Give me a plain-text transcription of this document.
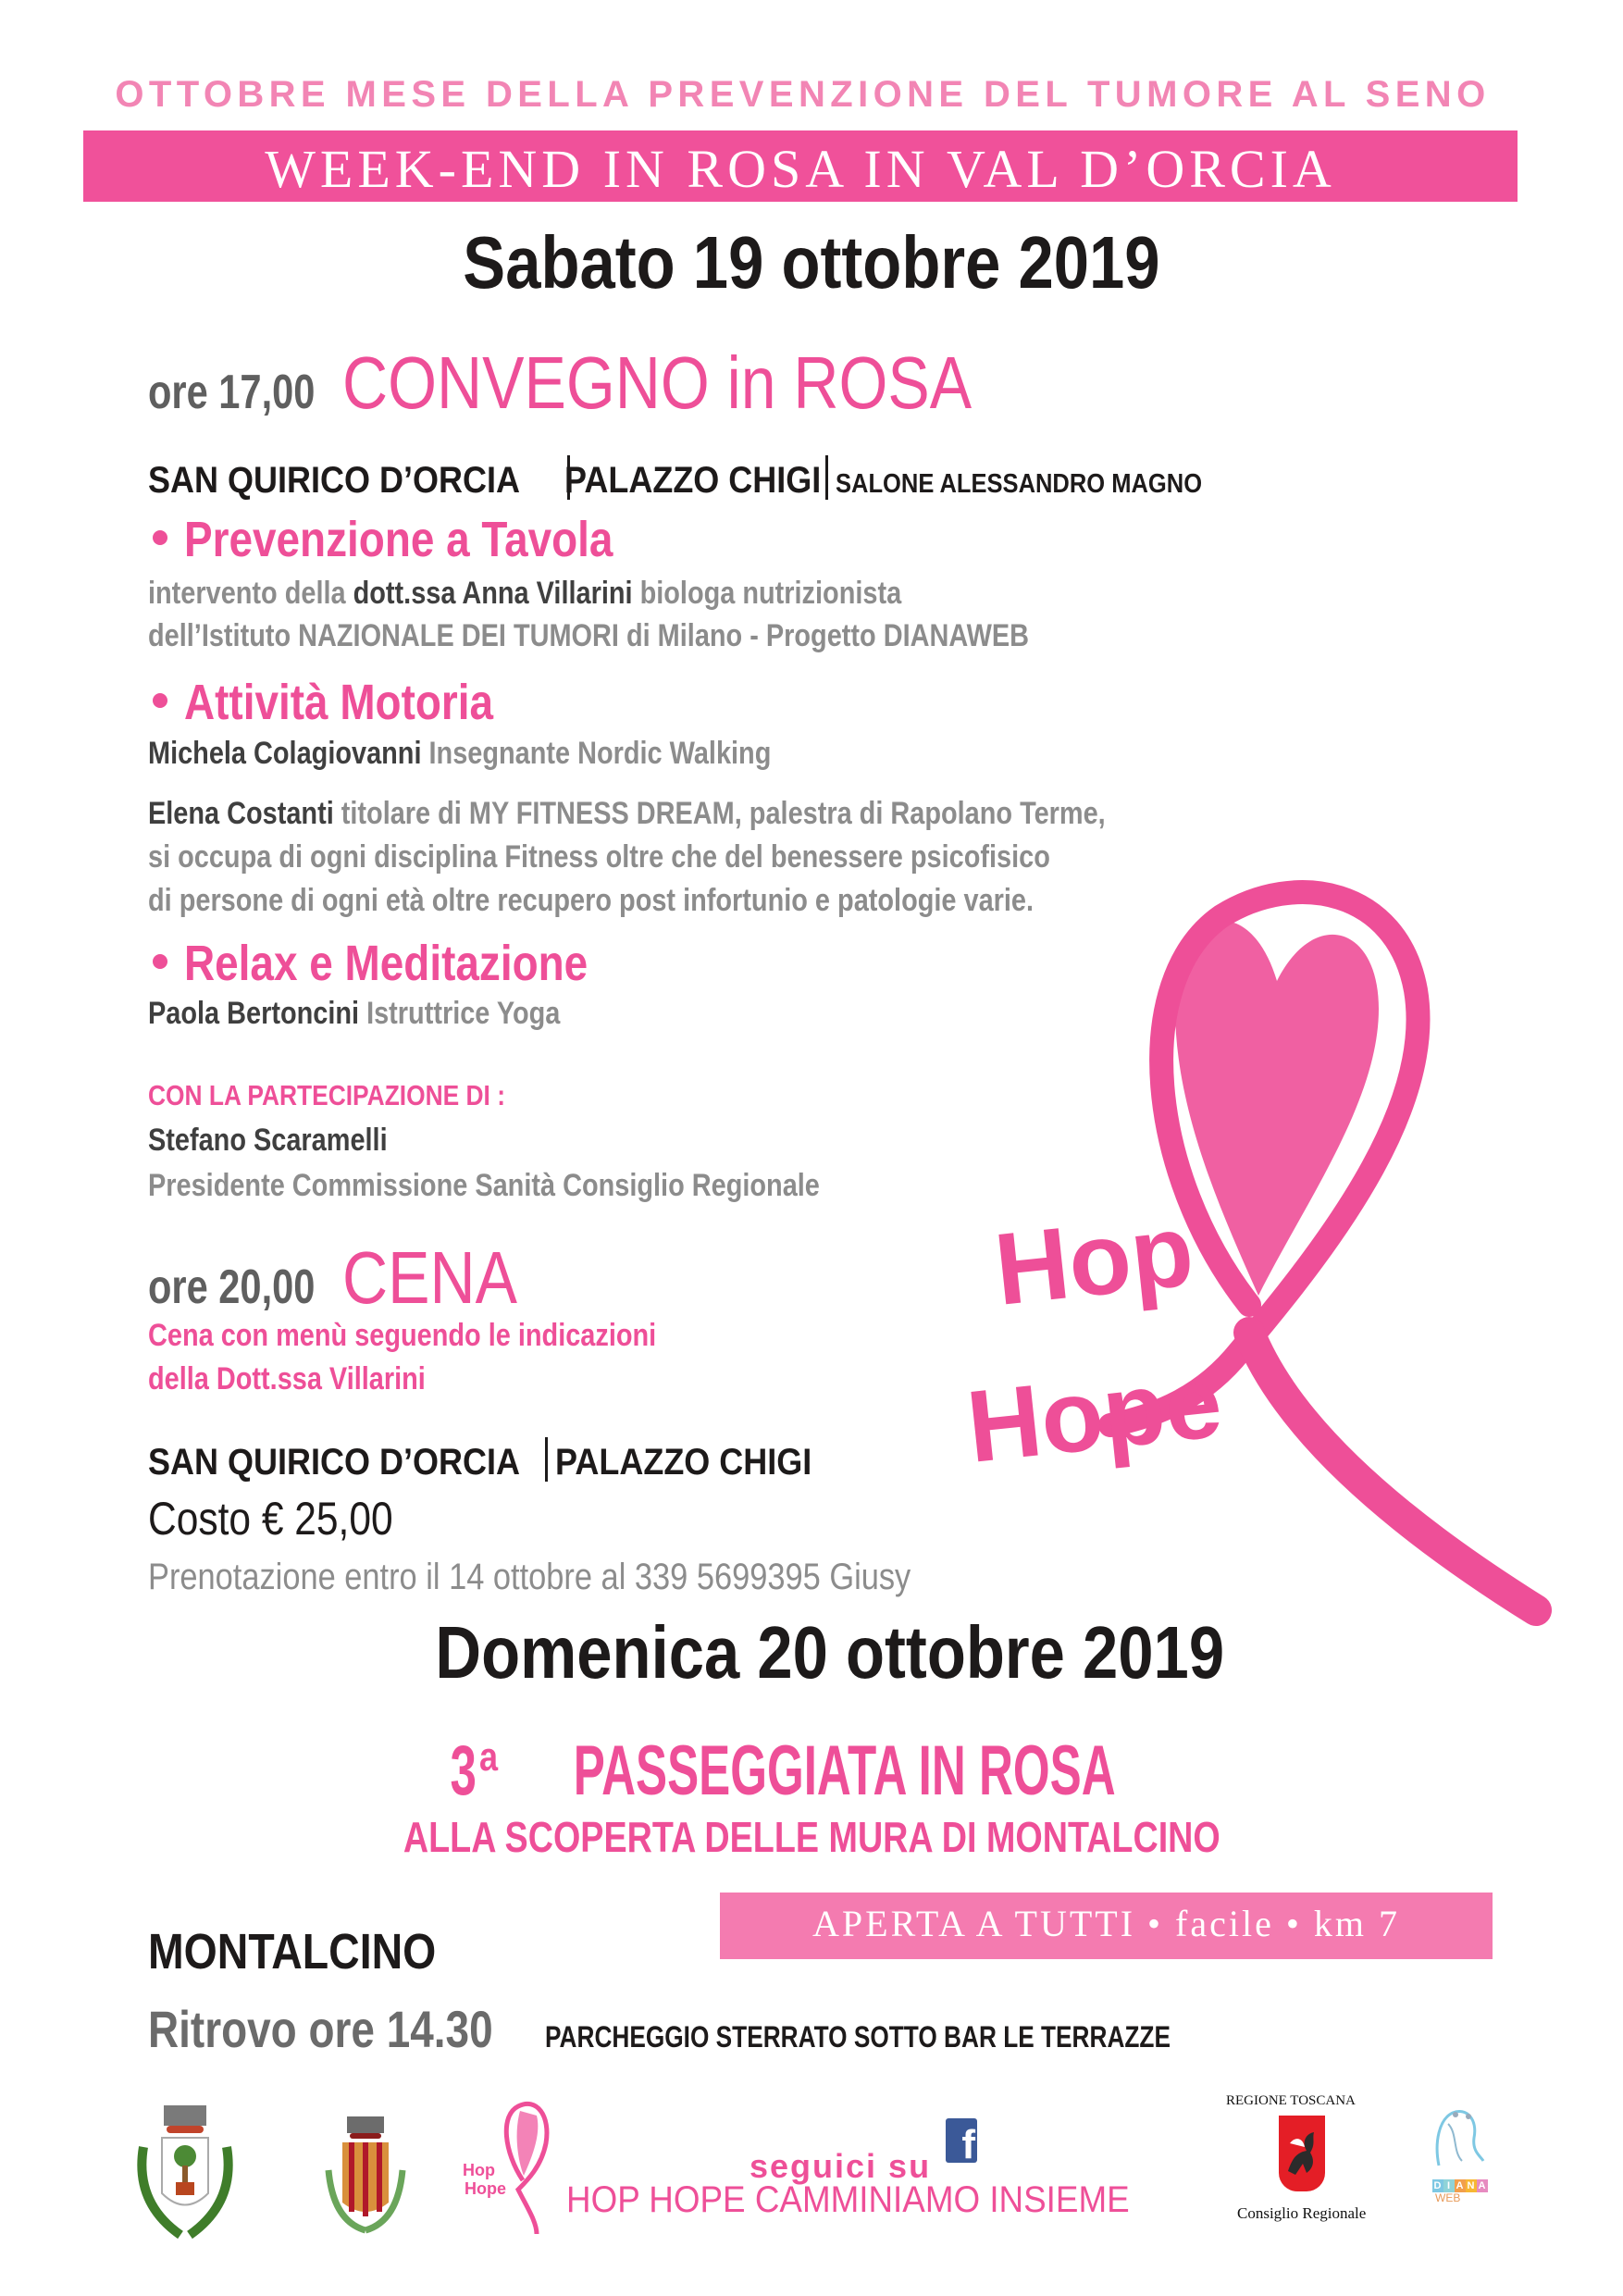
OTTOBRE MESE DELLA PREVENZIONE DEL TUMORE AL SENO
WEEK-END IN ROSA IN VAL D’ORCIA
Sabato 19 ottobre 2019
ore 17,00 CONVEGNO in ROSA
SAN QUIRICO D’ORCIA PALAZZO CHIGI SALONE ALESSANDRO MAGNO
Prevenzione a Tavola
intervento della dott.ssa Anna Villarini biologa nutrizionista
dell’Istituto NAZIONALE DEI TUMORI di Milano - Progetto DIANAWEB
Attività Motoria
Michela Colagiovanni Insegnante Nordic Walking
Elena Costanti titolare di MY FITNESS DREAM, palestra di Rapolano Terme,
si occupa di ogni disciplina Fitness oltre che del benessere psicofisico
di persone di ogni età oltre recupero post infortunio e patologie varie.
Relax e Meditazione
Paola Bertoncini Istruttrice Yoga
CON LA PARTECIPAZIONE DI :
Stefano Scaramelli
Presidente Commissione Sanità Consiglio Regionale
ore 20,00 CENA
Cena con menù seguendo le indicazioni
della Dott.ssa Villarini
SAN QUIRICO D’ORCIA PALAZZO CHIGI
Costo € 25,00
Prenotazione entro il 14 ottobre al 339 5699395 Giusy
Hop
Hope
Domenica 20 ottobre 2019
3$^a$ PASSEGGIATA IN ROSA
ALLA SCOPERTA DELLE MURA DI MONTALCINO
APERTA A TUTTI • facile • km 7
MONTALCINO
Ritrovo ore 14.30 PARCHEGGIO STERRATO SOTTO BAR LE TERRAZZE
Hop
Hope
seguici su f
HOP HOPE CAMMINIAMO INSIEME
REGIONE TOSCANA
Consiglio Regionale
D I A N A
WEB
